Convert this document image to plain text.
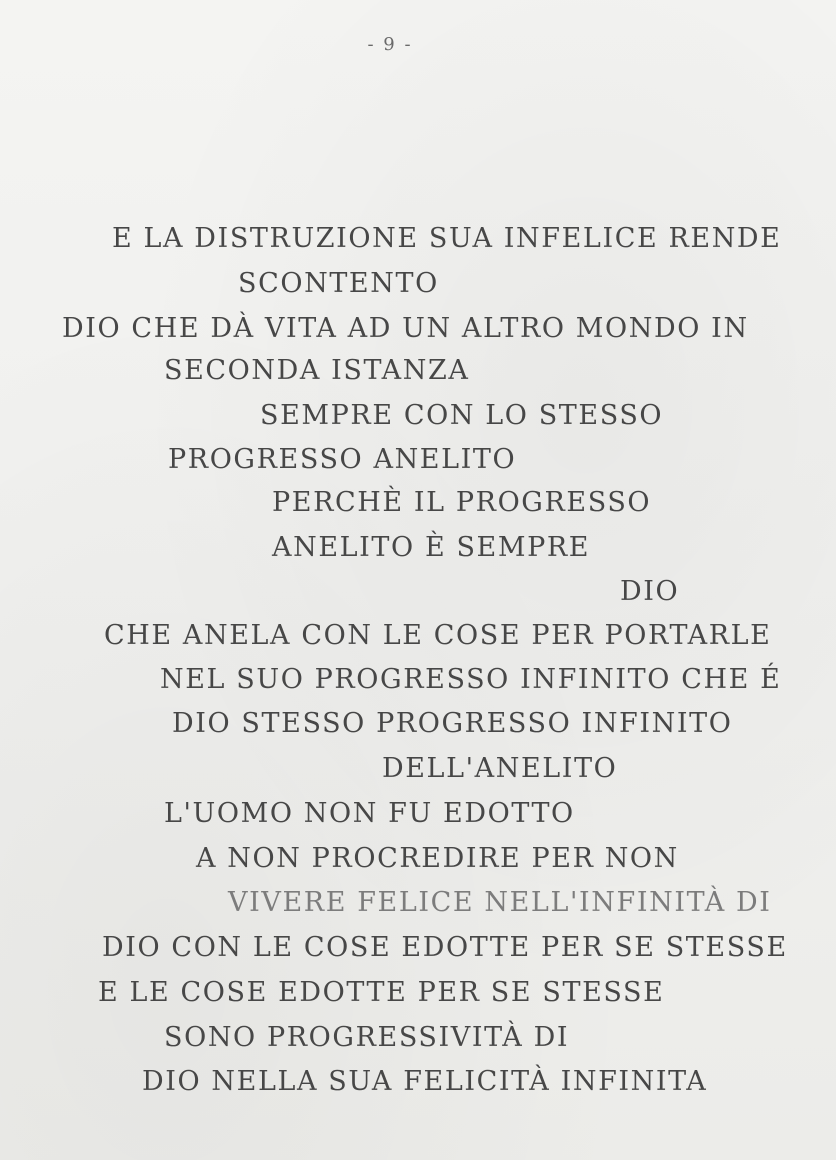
- 9 -
E LA DISTRUZIONE SUA INFELICE RENDE
SCONTENTO
DIO CHE DÀ VITA AD UN ALTRO MONDO IN
SECONDA ISTANZA
SEMPRE CON LO STESSO
PROGRESSO ANELITO
PERCHÈ IL PROGRESSO
ANELITO È SEMPRE
DIO
CHE ANELA CON LE COSE PER PORTARLE
NEL SUO PROGRESSO INFINITO CHE É
DIO STESSO PROGRESSO INFINITO
DELL'ANELITO
L'UOMO NON FU EDOTTO
A NON PROCREDIRE PER NON
VIVERE FELICE NELL'INFINITÀ DI
DIO CON LE COSE EDOTTE PER SE STESSE
E LE COSE EDOTTE PER SE STESSE
SONO PROGRESSIVITÀ DI
DIO NELLA SUA FELICITÀ INFINITA
